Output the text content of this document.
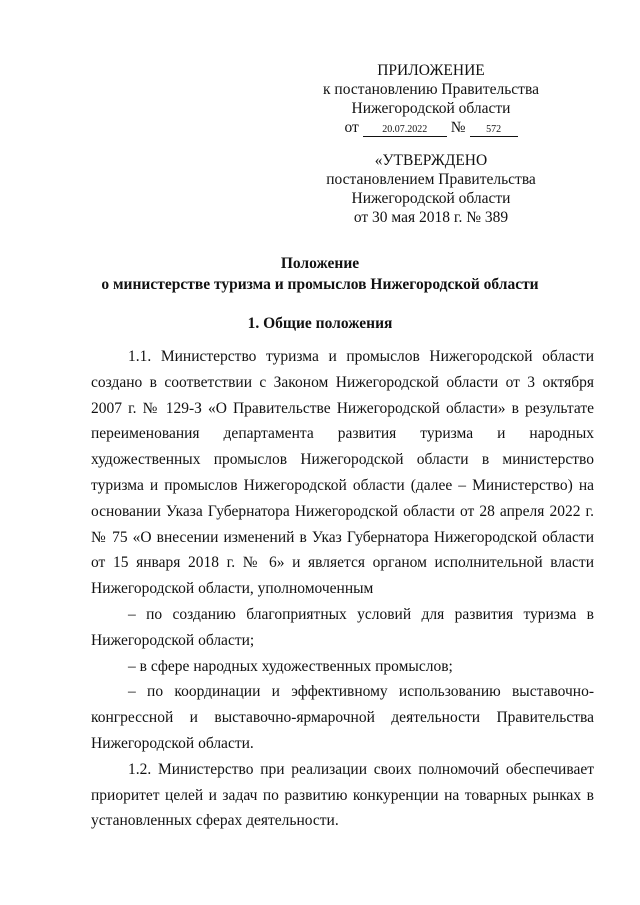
ПРИЛОЖЕНИЕ
к постановлению Правительства
Нижегородской области
от	20.07.2022	№	572
«УТВЕРЖДЕНО
постановлением Правительства
Нижегородской области
от 30 мая 2018 г. № 389
Положение
о министерстве туризма и промыслов Нижегородской области
1. Общие положения

1.1. Министерство туризма и промыслов Нижегородской области создано в соответствии с Законом Нижегородской области от 3 октября 2007 г. № 129-З «О Правительстве Нижегородской области» в результате переименования департамента развития туризма и народных художественных промыслов Нижегородской области в министерство туризма и промыслов Нижегородской области (далее – Министерство) на основании Указа Губернатора Нижегородской области от 28 апреля 2022 г. № 75 «О внесении изменений в Указ Губернатора Нижегородской области от 15 января 2018 г. № 6» и является органом исполнительной власти Нижегородской области, уполномоченным

– по созданию благоприятных условий для развития туризма в Нижегородской области;

– в сфере народных художественных промыслов;

– по координации и эффективному использованию выставочно-конгрессной и выставочно-ярмарочной деятельности Правительства Нижегородской области.

1.2. Министерство при реализации своих полномочий обеспечивает приоритет целей и задач по развитию конкуренции на товарных рынках в установленных сферах деятельности.
